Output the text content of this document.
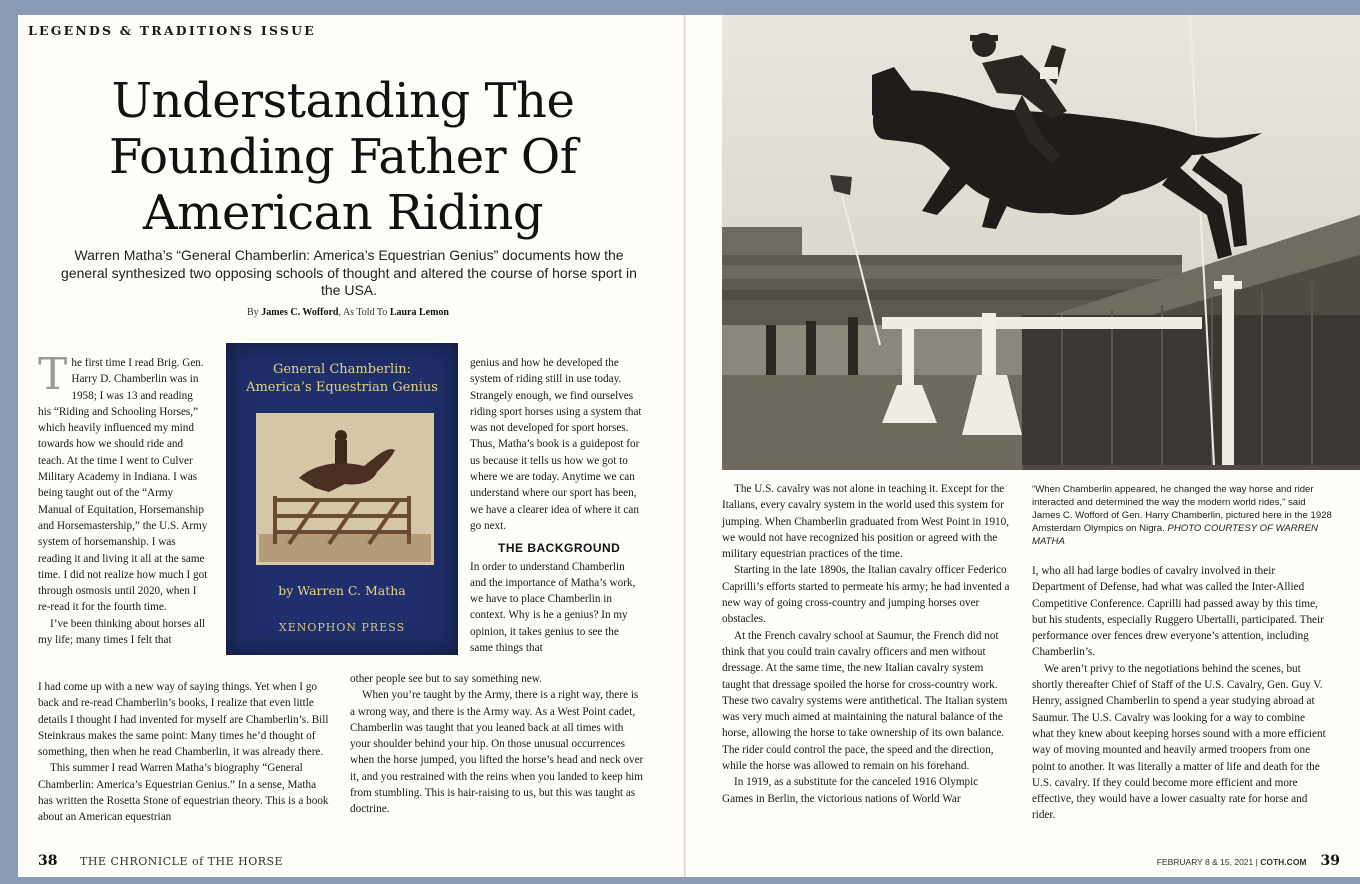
LEGENDS & TRADITIONS ISSUE
Understanding The
Founding Father Of
American Riding
Warren Matha’s “General Chamberlin: America’s Equestrian Genius” documents how the general synthesized two opposing schools of thought and altered the course of horse sport in the USA.
By James C. Wofford, As Told To Laura Lemon

The first time I read Brig. Gen. Harry D. Chamberlin was in 1958; I was 13 and reading his “Riding and Schooling Horses,” which heavily influenced my mind towards how we should ride and teach. At the time I went to Culver Military Academy in Indiana. I was being taught out of the “Army Manual of Equitation, Horsemanship and Horsemastership,” the U.S. Army system of horsemanship. I was reading it and living it all at the same time. I did not realize how much I got through osmosis until 2020, when I re-read it for the fourth time.

I’ve been thinking about horses all my life; many times I felt that

I had come up with a new way of saying things. Yet when I go back and re-read Chamberlin’s books, I realize that even little details I thought I had invented for myself are Chamberlin’s. Bill Steinkraus makes the same point: Many times he’d thought of something, then when he read Chamberlin, it was already there.

This summer I read Warren Matha’s biography “General Chamberlin: America’s Equestrian Genius.” In a sense, Matha has written the Rosetta Stone of equestrian theory. This is a book about an American equestrian

General Chamberlin:
America’s Equestrian Genius
by Warren C. Matha
XENOPHON PRESS

genius and how he developed the system of riding still in use today. Strangely enough, we find ourselves riding sport horses using a system that was not developed for sport horses. Thus, Matha’s book is a guidepost for us because it tells us how we got to where we are today. Anytime we can understand where our sport has been, we have a clearer idea of where it can go next.

THE BACKGROUND

In order to understand Chamberlin and the importance of Matha’s work, we have to place Chamberlin in context. Why is he a genius? In my opinion, it takes genius to see the same things that

other people see but to say something new.

When you’re taught by the Army, there is a right way, there is a wrong way, and there is the Army way. As a West Point cadet, Chamberlin was taught that you leaned back at all times with your shoulder behind your hip. On those unusual occurrences when the horse jumped, you lifted the horse’s head and neck over it, and you restrained with the reins when you landed to keep him from stumbling. This is hair-raising to us, but this was taught as doctrine.

38 THE CHRONICLE of THE HORSE

The U.S. cavalry was not alone in teaching it. Except for the Italians, every cavalry system in the world used this system for jumping. When Chamberlin graduated from West Point in 1910, we would not have recognized his position or agreed with the military equestrian practices of the time.

Starting in the late 1890s, the Italian cavalry officer Federico Caprilli’s efforts started to permeate his army; he had invented a new way of going cross-country and jumping horses over obstacles.

At the French cavalry school at Saumur, the French did not think that you could train cavalry officers and men without dressage. At the same time, the new Italian cavalry system taught that dressage spoiled the horse for cross-country work. These two cavalry systems were antithetical. The Italian system was very much aimed at maintaining the natural balance of the horse, allowing the horse to take ownership of its own balance. The rider could control the pace, the speed and the direction, while the horse was allowed to remain on his forehand.

In 1919, as a substitute for the canceled 1916 Olympic Games in Berlin, the victorious nations of World War

“When Chamberlin appeared, he changed the way horse and rider interacted and determined the way the modern world rides,” said James C. Wofford of Gen. Harry Chamberlin, pictured here in the 1928 Amsterdam Olympics on Nigra. PHOTO COURTESY OF WARREN MATHA

I, who all had large bodies of cavalry involved in their Department of Defense, had what was called the Inter-Allied Competitive Conference. Caprilli had passed away by this time, but his students, especially Ruggero Ubertalli, participated. Their performance over fences drew everyone’s attention, including Chamberlin’s.

We aren’t privy to the negotiations behind the scenes, but shortly thereafter Chief of Staff of the U.S. Cavalry, Gen. Guy V. Henry, assigned Chamberlin to spend a year studying abroad at Saumur. The U.S. Cavalry was looking for a way to combine what they knew about keeping horses sound with a more efficient way of moving mounted and heavily armed troopers from one point to another. It was literally a matter of life and death for the U.S. cavalry. If they could become more efficient and more effective, they would have a lower casualty rate for horse and rider.

FEBRUARY 8 & 15, 2021 | COTH.COM 39
